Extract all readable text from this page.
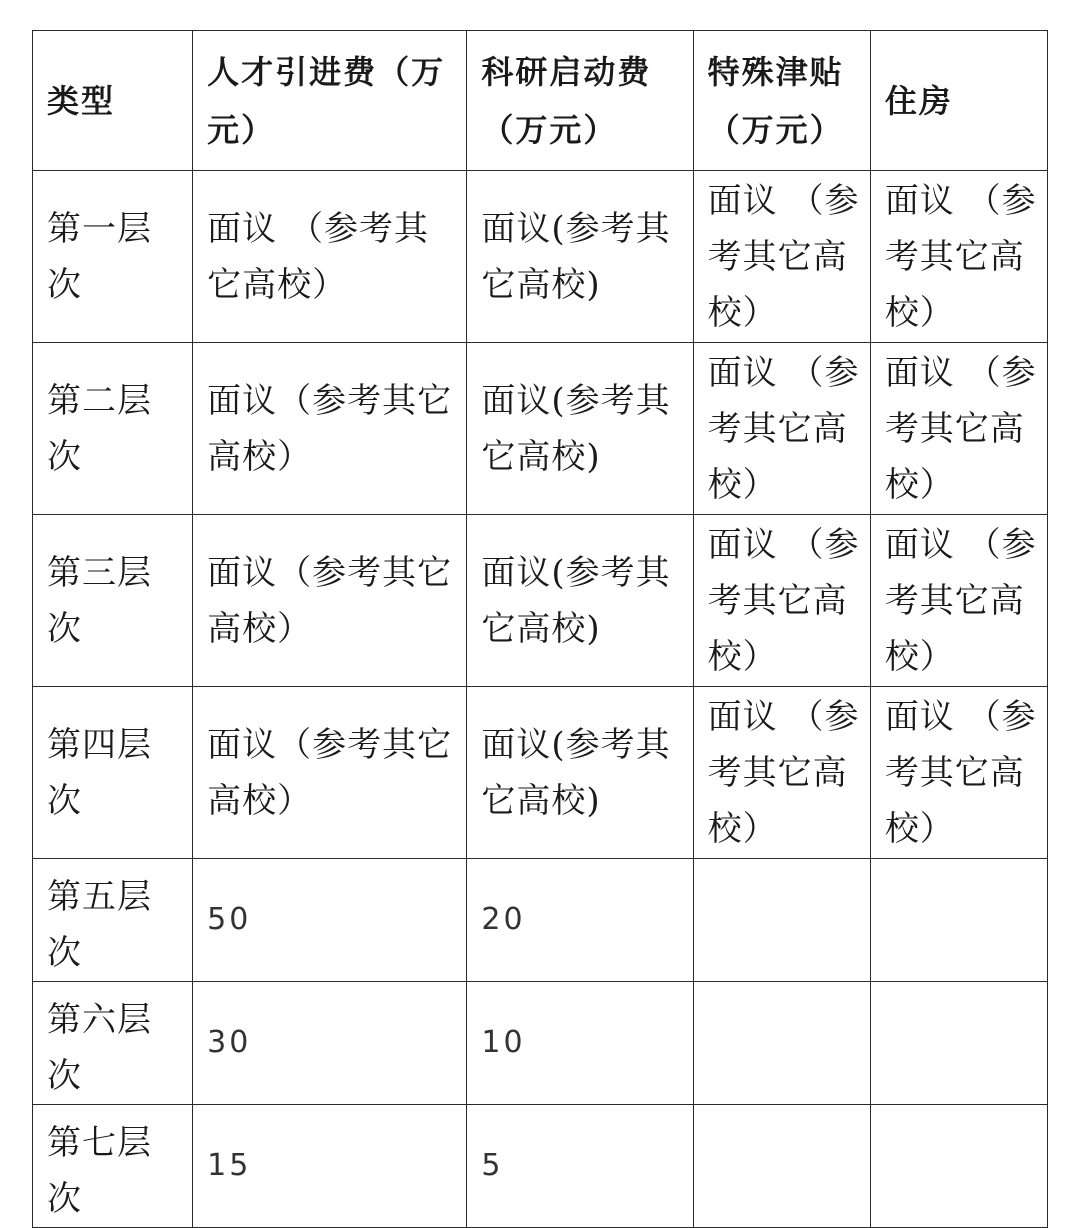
类型	人才引进费（万元）	科研启动费（万元）	特殊津贴（万元）	住房
第一层次	面议 （参考其它高校）	面议(参考其它高校)	面议 （参考其它高校）	面议 （参考其它高校）
第二层次	面议（参考其它高校）	面议(参考其它高校)	面议 （参考其它高校）	面议 （参考其它高校）
第三层次	面议（参考其它高校）	面议(参考其它高校)	面议 （参考其它高校）	面议 （参考其它高校）
第四层次	面议（参考其它高校）	面议(参考其它高校)	面议 （参考其它高校）	面议 （参考其它高校）
第五层次	50	20		
第六层次	30	10		
第七层次	15	5		
